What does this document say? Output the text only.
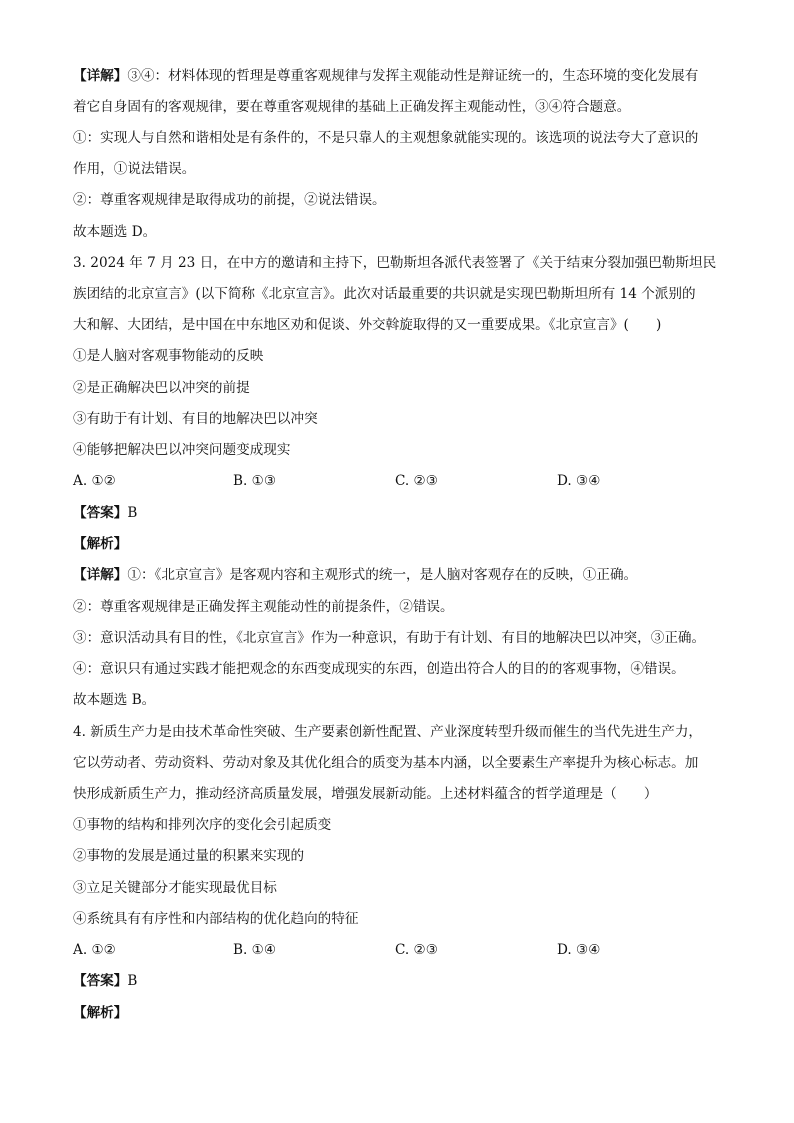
【详解】③④：材料体现的哲理是尊重客观规律与发挥主观能动性是辩证统一的，生态环境的变化发展有
着它自身固有的客观规律，要在尊重客观规律的基础上正确发挥主观能动性，③④符合题意。
①：实现人与自然和谐相处是有条件的，不是只靠人的主观想象就能实现的。该选项的说法夸大了意识的
作用，①说法错误。
②：尊重客观规律是取得成功的前提，②说法错误。
故本题选 D。
3. 2024 年 7 月 23 日，在中方的邀请和主持下，巴勒斯坦各派代表签署了《关于结束分裂加强巴勒斯坦民
族团结的北京宣言》(以下简称《北京宣言》。此次对话最重要的共识就是实现巴勒斯坦所有 14 个派别的
大和解、大团结，是中国在中东地区劝和促谈、外交斡旋取得的又一重要成果。《北京宣言》(　　)
①是人脑对客观事物能动的反映
②是正确解决巴以冲突的前提
③有助于有计划、有目的地解决巴以冲突
④能够把解决巴以冲突问题变成现实
A. ①②	B. ①③	C. ②③	D. ③④
【答案】B
【解析】
【详解】①：《北京宣言》是客观内容和主观形式的统一，是人脑对客观存在的反映，①正确。
②：尊重客观规律是正确发挥主观能动性的前提条件，②错误。
③：意识活动具有目的性，《北京宣言》作为一种意识，有助于有计划、有目的地解决巴以冲突，③正确。
④：意识只有通过实践才能把观念的东西变成现实的东西，创造出符合人的目的的客观事物，④错误。
故本题选 B。
4. 新质生产力是由技术革命性突破、生产要素创新性配置、产业深度转型升级而催生的当代先进生产力，
它以劳动者、劳动资料、劳动对象及其优化组合的质变为基本内涵，以全要素生产率提升为核心标志。加
快形成新质生产力，推动经济高质量发展，增强发展新动能。上述材料蕴含的哲学道理是（　　）
①事物的结构和排列次序的变化会引起质变
②事物的发展是通过量的积累来实现的
③立足关键部分才能实现最优目标
④系统具有有序性和内部结构的优化趋向的特征
A. ①②	B. ①④	C. ②③	D. ③④
【答案】B
【解析】
